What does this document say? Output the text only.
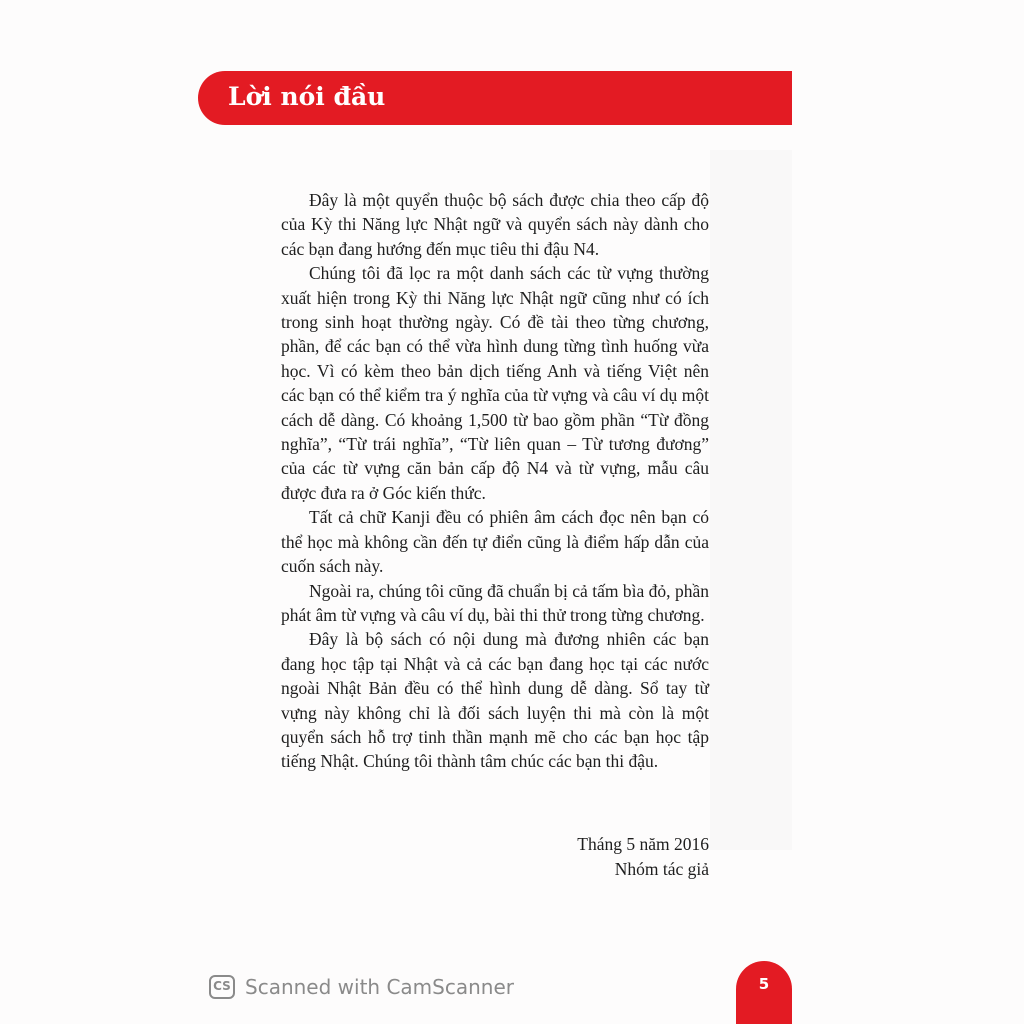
Lời nói đầu

Đây là một quyển thuộc bộ sách được chia theo cấp độ của Kỳ thi Năng lực Nhật ngữ và quyển sách này dành cho các bạn đang hướng đến mục tiêu thi đậu N4.

Chúng tôi đã lọc ra một danh sách các từ vựng thường xuất hiện trong Kỳ thi Năng lực Nhật ngữ cũng như có ích trong sinh hoạt thường ngày. Có đề tài theo từng chương, phần, để các bạn có thể vừa hình dung từng tình huống vừa học. Vì có kèm theo bản dịch tiếng Anh và tiếng Việt nên các bạn có thể kiểm tra ý nghĩa của từ vựng và câu ví dụ một cách dễ dàng. Có khoảng 1,500 từ bao gồm phần “Từ đồng nghĩa”, “Từ trái nghĩa”, “Từ liên quan – Từ tương đương” của các từ vựng căn bản cấp độ N4 và từ vựng, mẫu câu được đưa ra ở Góc kiến thức.

Tất cả chữ Kanji đều có phiên âm cách đọc nên bạn có thể học mà không cần đến tự điển cũng là điểm hấp dẫn của cuốn sách này.

Ngoài ra, chúng tôi cũng đã chuẩn bị cả tấm bìa đỏ, phần phát âm từ vựng và câu ví dụ, bài thi thử trong từng chương.

Đây là bộ sách có nội dung mà đương nhiên các bạn đang học tập tại Nhật và cả các bạn đang học tại các nước ngoài Nhật Bản đều có thể hình dung dễ dàng. Sổ tay từ vựng này không chỉ là đối sách luyện thi mà còn là một quyển sách hỗ trợ tinh thần mạnh mẽ cho các bạn học tập tiếng Nhật. Chúng tôi thành tâm chúc các bạn thi đậu.

Tháng 5 năm 2016
Nhóm tác giả
CS Scanned with CamScanner	5
